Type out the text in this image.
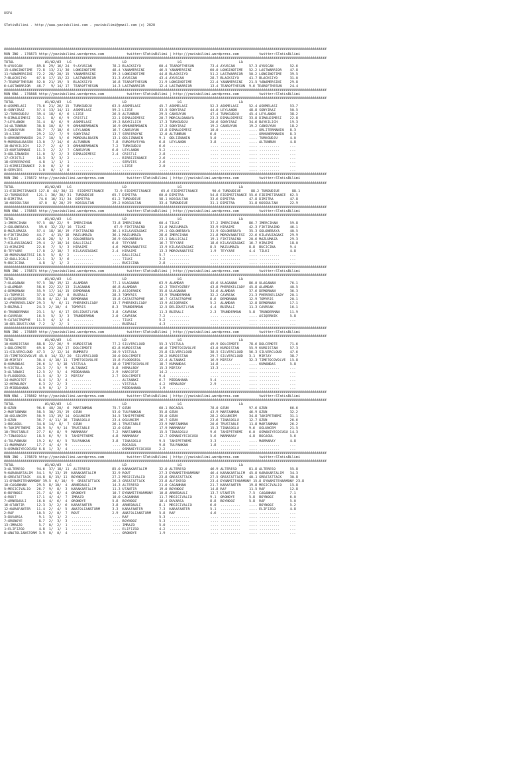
USFA

STatisBilimi - http://www.yazisbilimi.com - yazisbilimi@gmail.com (c) 2020

##############################################################################################################################################################
RUN INO - 176873 http://yazisbilimi.wordpress.com           twitter:STatisBilimi | http://yazisbilimi.wordpress.com          twitter:STatisBilimi
##############################################################################################################################################################
TOTAL               #1/#2/#3   LG                         LD                         LG                            LA
9:AYUSCAN       89.8  29/ 16/ 24  9:AYUSCAN          78.2 BLACKSIYO         60.4 TEAROFTHESUN        73.4 AYUSCAN       57.3 AYUSCAN        52.6
15:LONGINOTIME  72.8  13/ 21/ 30  LONGINOTIME        48.4 YANAMERSINI       46.5 YANAMERSINI         60.0 LONGINOTIME   52.2 LASTWARRIOR    47.8
11:YANAMERSINI  72.2  28/ 20/ 15  YANAMERSINI        39.3 LONGINOTIME       44.8 BLACKSIYO           51.2 LASTWARRIOR   50.2 LONGINOTIME    39.5
7:BLACKSIYO     67.0  17/ 15/ 22  LASTWARRIOR        31.3 AYUSCAN           43.4 AYUSCAN             28.7 BLACKSIYO     41.7 BLACKSIYO      31.0
7:TEAROFTHESUN  52.0  21/ 19/  5  BLACKSIYO          16.8 TEAROFTHESUN      21.9 LONGINOTIME         22.4 YANAMERSINI   21.5 YANAMERSINI    29.8
6:LASTWARRIOR   46.7   9/ 14/ 17  TEAROFTHESUN       14.3 LASTWARRIOR       12.4 LASTWARRIOR         13.4 TEAROFTHESUN  9.6 TEAROFTHESUN    24.4
##############################################################################################################################################################
RUN KNA - 176868 http://yazisbilimi.wordpress.com           twitter:STatisBilimi | http://yazisbilimi.wordpress.com          twitter:STatisBilimi
##############################################################################################################################################################
TOTAL               #1/#2/#3   LG                         LD                         LG                            LA
6:ASKMELASI     75.6  21/ 26/ 15  TURKGUDJU          63.5 ASKMELASI         45.7 ASKMELASI           52.3 ASKMELASI     52.4 ASKMELASI      53.7
8:SONYIRAZ      57.4  13/ 14/ 11  ASKMELASI          59.2 LIZGE             33.5 SONYIRAZ            44.0 LEYLANON      48.8 SONYIRAZ       50.5
12:TURKGUDJU    39.4  18/  6/  6  LIZGE              26.5 ALTUNBUN          29.5 CANSUYUN            47.4 TURKGUDJU     45.4 LEYLANON       38.2
9:DIMALDIMESI   32.1   8/  6/  9  CRISTLI            22.1 DIMALDIMESI       20.7 MORCALDANAYA        23.3 DIMALDIMESI   33.8 DIMALDIMESI    22.8
7:LEYLANON      31.4   8/  6/  9  ASKMELASI          19.3 BAYKILICH         17.3 TURKGUDJU           20.6 SONYIRAZ      34.6 BAYKILICH      19.3
14:ALTUNBUN     30.8  10/  8/  9  ORHUNERMANIN       16.9 ORHUNERMANIN      17.3 SONYIRAZ            19.2 CANSUYUN      19.2 CANSUYUN       18.2
3:CANSUYUN      30.7   7/ 10/  6  LEYLANON           16.7 CANSUYUN          13.8 DIMALDIMESI         10.0 ..........    .... ORLITERMANIN   8.3
15:LIZGE        29.2  12/  7/  9  SONYIRAZ           13.7 SEREEROYNI        12.0 ALTUNBUN            6.0  ..........    .... ORHUNERMANIN   8.3
5:ORHUNERMANIN  24.7  10/  5/  6  MORDUALBASEN       13.1 ODLIZNANIN        9.1  ODLIZNANIN          5.0  ..........    .... TURKGUDJU      4.0
9:MORDUALBASEN  13.0   7/ 14/  6  ALTUNBUN           7.8  EUROPAYEYHA       6.8  LEYLANON            3.8  ..........    .... ALTUNBUN       4.8
10:BAYKILICH    12.7   2/  4/  3  ORHUNERMANIN       7.2  TURKGUDJU         6.6  ..........          .... ..........    .... ..........     ...
13:KURTARMANI   11.3   2/  2/  7  CANSUYUN           6.0  LEYLANON          5.2  ..........          .... ..........    .... ..........     ...
3:ODLIZNANIN    11.0   3/  2/  3  DIMALDIMESI        2.4  CRISTLI           2.8  ..........          .... ..........    .... ..........     ...
17:CRISTLI      10.3   3/  3/  2  ..........         .... BIRBIZINANCE      2.6  ..........          .... ..........    .... ..........     ...
18:SEREEROYNI    4.8   1/  1/  1  ..........         .... SERVIES           2.6  ..........          .... ..........    .... ..........     ...
11:KIRBIZINANCE  2.0   0/  1/  0  ..........         .... LIZGE             2.0  ..........          .... ..........    .... ..........     ...
8:SERVIES        1.0   0/  1/  0  ..........         .... ..........        .... ..........          .... ..........    .... ..........     ...
##############################################################################################################################################################
RUN INO - 176872 http://yazisbilimi.wordpress.com           twitter:STatisBilimi | http://yazisbilimi.wordpress.com          twitter:STatisBilimi
##############################################################################################################################################################
TOTAL               #1/#2/#3   LG                         LD                         LG                            LA
11:EIDIMSTIRANCE 127.8  44/ 30/ 22  EIDIMSTIRANCE     72.9 EIDIMSTIRANCE     65.6 EIDIMSTIRANCE       90.6 TURDUDIUE     88.2 TURDUDIUE      88.1
12:TURDUDIUE    121.1  36/ 30/ 31  TURDUDIUE         65.7 DIMITRA           60.0 DIMITRA             54.8 EIDIMSTIRANCE 55.6 EIDIMSTIRANCE  62.5
8:DIMITRA        74.6  16/ 31/ 34  DIMITRA           61.2 TURDUDIUE         58.1 KOSGULTAN           33.6 DIMITRA       47.8 DIMITRA        47.8
10:KOSGULTAN     47.0   8/ 20/ 29  KOSGULTAN         29.2 KOSGULTAN         33.4 TURDUDIUE           31.1 DIMITRA       31.8 KOSGULTAN      22.9
##############################################################################################################################################################
RUN KNA - 176865 http://yazisbilimi.wordpress.com           twitter:STatisBilimi | http://yazisbilimi.wordpress.com          twitter:STatisBilimi
##############################################################################################################################################################
TOTAL               #1/#2/#3   LG                         LD                         LG                            LA
1:IMERCIHAN     97.5  40/ 22/  9  IMERCIHAN          73.8 IMERCIHAN         60.4 TILKI               37.2 IMERCIHAN     86.7 IMERCIHAN      59.8
2:GOLONEBAYA     59.6  32/ 23/ 16  TILKI              67.9 FIKTIRAINO       31.0 MAZLUMAZA           33.9 HIRAIMI       42.3 FIKTIRAINO     46.1
8:MAZLUMAZA     57.4  18/ 16/ 19  FIKTIRAINO         36.1 KILAVUZAGAKI      29.1 GOLONEBAYA          31.9 GOLONEBAYA    35.3 GOLONEBAYA     40.5
6:FIKTIRAINO    44.7   4/ 15/ 18  MAZLUMAZA          36.1 MAZLUMAZA         28.6 IMERCIHAN           21.8 MOROVANATESI  22.6 KILAVUZAGAKI   29.9
9:TILKI         42.8  28/  5/  3  GOLONEBAYA         26.9 GOLONEBAYA        23.1 DALLICALI           19.1 FIKTIRAINO    20.6 MAZLUMAZA      29.3
7:KILAVUZAGAKI  29.4   2/ 10/ 14  DALLICALI          6.0  TEYYARE           16.7 TEYYARE             18.6 KILAVUZAGAKI  16.7 HIRAIMI        18.0
11:HIRAIMI      22.6   7/  5/  3  HIRAIMI            4.6  MOROVANATESI      13.9 KILAVUZAGAKI        8.5  MAZLUMAZA     8.8  BUCICINA       9.4
8:TEYYARE       17.0   2/ 10/  7  KILAVUZAGAKI       2.4  HIRAIMI           13.3 MOROVANATESI        1.9  TEYYARE       4.4  TILKI          4.8
10:MOROVANATESI 16.5   5/  8/  2  ..........         .... DALLICALI         5.7  ..........          .... ..........    .... ..........     ...
12:DALLICALI    12.1   3/  3/  6  ..........         .... TILKI             3.2  ..........          .... ..........    .... ..........     ...
9:BUCICINA       4.8   1/  1/  2  ..........         .... BUCICINA          2.8  ..........          .... ..........    .... ..........     ...
##############################################################################################################################################################
RUN INO - 176874 http://yazisbilimi.wordpress.com           twitter:STatisBilimi | http://yazisbilimi.wordpress.com          twitter:STatisBilimi
##############################################################################################################################################################
TOTAL               #1/#2/#3   LG                         LD                         LG                            LA
7:ULAGANAN      97.5  30/ 19/ 12  ALAMDAR            77.1 ULAGANAN          63.9 ALAMDAR             45.6 ULAGANAN      86.0 ULAGANAN       76.1
1:ALAMDAR       58.6  22/ 22/ 13  ILAGANAN           46.8 ALAMDAR           42.3 TEKEYOZBEY          43.8 PHEREKELIADY  45.8 ALAMDAR        40.5
4:DEMORNAN      55.9  17/ 14/ 15  DEMORNAN           35.3 ASIQERNIK         35.8 ULAGANAN            34.6 ALAMDAR       37.6 DEMORNAN       36.3
11:TOMYRIS      37.0  12/ 16/  8  BUZRALI            28.3 TOMYRIS           33.9 TRUNDERMAN          32.2 CAVREAK       21.3 PHEREKELIADY   20.1
8:ASIQERNIK     35.8  4/ 12/ 14  DEMORNAN            15.8 CATASTROPHE       16.7 CATASTROPHE         8.6  DEMORNAN      12.9 TOMYRIS        20.1
12:PHEREKELIADY 29.3   9/  6/ 11  PHEREKELIADY       13.7 PHEREKELIADY      13.9 ASIQERNIK           5.2  ALAMDAR       12.8 DEMORNAN       17.1
3:BUZRALI       24.3  2/ 10/  4  TOMYRIS             8.3  TRUNDERMAN        12.5 DELIDUSTLYAN        4.4  BUZRALI       11.3 CAVREAK        16.1
6:TRUNDERMAN    23.1   5/  6/ 17  DELIDUSTLYAN       3.8  CAVREAK           11.3 BUZRALI             2.3  TRUNDERMAN    5.8  TRUNDERMAN     11.9
6:CAVREAK       16.5   5/  3/  3  TRUNDERMAN         2.0  CAVREAK           7.2  ..........          .... ..........    .... ASIQERNIK      5.8
9:CATASTROPHE   11.5   4/  1/  4  ..........         .... TILKI             5.2  ..........          .... ..........    .... ..........     ...
10:DELIDUSTLYAN  7.2   1/  2/  1  ..........         .... BUZRALI           4.3  ..........          .... ..........    .... ..........     ...
##############################################################################################################################################################
RUN INO - 176869 http://yazisbilimi.wordpress.com           twitter:STatisBilimi | http://yazisbilimi.wordpress.com          twitter:STatisBilimi
##############################################################################################################################################################
TOTAL               #1/#2/#3   LG                         LD                         LG                            LA
10:KURDISTAN    88.8  22/ 26/  9  KURDISTAN          77.2 SILVERCLOUD       55.3 VISTULA             49.9 DOLCEMOTE     78.6 DOLCEMOTE      71.6
1:DOLCEMOTE     69.0  23/ 20/ 17  DOLCEMOTE          62.8 KURDISTAN         46.0 TIMETOCOVOLVE       43.0 KURDISTAN     55.9 KURDISTAN      57.3
11:SILVERCLOUD  47.3   2/ 12/ 14  BUMMATU            20.9 VISTULA           25.8 SILVERCLOUD         38.5 SILVERCLOUD   56.3 SILVERCLOUD    47.6
15:TIMETOCOVOLVE 45.0  14/ 32/ 20  SILVERCLOUD       20.0 DOLCEMOTE         26.2 KURDISTAN           29.7 SILVERCLOUD   3.1  MIRTAY         38.7
10:MIRTAY       30.4  4/ 10/ 11  TIMETOCOVOLVE       15.8 FLOODGEOL         22.4 ALTANAKI            16.9 MIRTAY        32.3 TIMETOCOVOLVE  15.8
8:KUMANDAS      26.6  1/  5/ 18  VISTULA             10.0 TIMETOCOVOLVE     18.7 KUMANDAS            14.8 ..........    .... KUMANDAS       5.8
9:VISTULA       24.3  7/  5/  9  ALTANAKI            5.8  HEMALBOY          15.3 MIRTAY              13.3 ..........    .... ..........     ...
3:ALTANAKI      12.5  2/  5/  4  MIDDAHANA           2.9  HARCOTOT          14.2 ..........          .... ..........    .... ..........     ...
5:FLOODGEOL     11.5  4/  3/  2  MIRTAY              2.7  DOLCEMOTE         9.4  ..........          .... ..........    .... ..........     ...
14:HARCOTOT      8.4  1/  3/  4  ..........          .... ALTANAKI          6.7  MIDDAHANA           5.4  ..........    .... ..........     ...
12:HEMALBOY      6.3  2/  2/  3  ..........          .... VISTULA           4.2  HEMALBOY            2.9  ..........    .... ..........     ...
13:MIDDAHANA     4.9  0/  1/  2  ..........          .... MIDDAHANA         1.9  ..........          .... ..........    .... ..........     ...
##############################################################################################################################################################
RUN KNA - 176862 http://yazisbilimi.wordpress.com           twitter:STatisBilimi | http://yazisbilimi.wordpress.com          twitter:STatisBilimi
##############################################################################################################################################################
TOTAL               #1/#2/#3   LG                         LD                         LG                            LA
8:OZUN          96.6  40/ 20/  6  MARTANMAN          75.7 OZUN              60.1 BOCAGUL             78.0 OZUN          97.6 OZUN           66.6
2:MARTANMAN     58.5  30/ 25/ 19  OZUN               53.0 TULPANKAN         35.8 OZUN                43.9 MARTANMAN     46.9 OZUN           32.2
10:OGLUNCEM     50.9  13/ 19/ 14  OGLUNCEM           34.5 TAHIPETNEMI       35.0 OZUN                28.2 OGLUNCEM      34.8 TAHIPETNEMI    31.1
3:OZUN          36.7  4/ 11/ 16  TINASOGLU           23.4 OGLUNCEM          26.7 OZUN                23.6 TINASOGLU     12.7 OZUN           26.6
1:BOCAGUL       34.8  14/  8/  7  OZUN               26.1 TRUSTABLE         23.9 MARTANMAN           20.6 TRUSTABLE     11.8 MARTANMAN      26.2
9:TAHIPETNEMI   28.9  5/  9/ 14  TRUSTABLE           12.0 OZUN              17.9 MARMARAY            15.3 TINASOGLU     9.6  OGLUNCEM       21.5
10:TRUSTABLE    27.7  6/  8/  9  MARMARAY            7.2  MARTANMAN         15.5 TINASOGLU           9.6  TAHIPETNEMI   6.0  OSMANIYECOCUGU 14.3
7:TINASOGLU     18.5  6/  9/  5  TAHIPETNEMI         4.8  MARMARAY          12.7 OSMANIYECOCUGU      5.6  MARMARAY      4.8  BOCAGUL        5.6
4:TULPANKAN     19.2  6/  6/  5  TULPANKAN           3.8  TINASOGLU         9.5  TAHIPETNEMI         3.3  ..........    .... MARMARAY       4.8
11:MARMARAY     17.7  4/  4/  9  ..........          .... BOCAGUL           9.8  TULPANKAN           1.8  ..........    .... ..........     ...
5:OSMANIYECOCUGU 6.8  1/  3/  4  ..........          .... OSMANIYECOCUGU    2.2  ..........          .... ..........    .... ..........     ...
##############################################################################################################################################################
RUN INO - 176870 http://yazisbilimi.wordpress.com           twitter:STatisBilimi | http://yazisbilimi.wordpress.com          twitter:STatisBilimi
##############################################################################################################################################################
TOTAL               #1/#2/#3   LG                         LD                         LG                            LA
3:ALTERESO      94.6  37/ 18/ 11  ALTERESO           85.0 KARAKARTALIM      32.0 ALTERESO            46.9 ALTERESO      81.8 ALTERESO       55.8
9:KARAKARTALIM  54.1  9/ 13/ 19  KARAKARTALIM        32.9 ROUT              27.3 DYNAMITEHARMONY     46.4 KARAKARTALIM  45.8 KARAKARTALIM   34.3
8:GREATATTACK   44.8  8/ 15/ 11  BOYNOOZ             27.2 MEGICIVALIO       23.8 GREATATTACK         27.5 GREATATTACK   40.1 GREATATTACK    30.8
11:DYNAMITEHARMONY 39.5  6/ 10/  9  GREATATTACK      26.3 GREATATTACK       23.8 ALFIKEGO            23.4 DYNAMITEHARMONY 15.8 DYNAMITEHARMONY 23.8
10:CAGANHAN     29.5  8/ 10/  4  ARNEDAULI           14.3 ALTERESO          21.0 CAGANHAN            21.7 KARAFANTER    19.8 MEGICIVALIO    15.8
5:MEGICIVALIO   26.7  9/  8/  3  KARAKARTALIM        11.3 UTANTIR           19.0 BOYNOOZ             14.8 RAF           11.5 RAF            12.8
6:BOYNOOZ       21.7  4/  8/  4  ORONOYE             10.7 DYNAMITEHARMONY   10.8 ARNEDAULI           13.7 UTANTIR       7.5  CAGANHAN       7.1
4:ROUT          17.1  4/  4/  7  IMRAZO              10.0 CAGANHAN          11.7 MEGICIVALIO         9.1  ORONOYE       5.8  BOYNOOZ        6.0
7:ARNEDAULI     16.0  4/  6/  4  ORONOYE             5.8  BOYNOOZ           10.4 DUVARSA             8.8  BOYNOOZ       5.8  RAF            5.0
16:UTANTIR      12.3  3/  2/  6  KARAFANTER          3.8  ARNEDAULI         8.1  MEGICIVALIO         6.0  ..........    .... BOYNOOZ        5.2
12:KARAFANTER   11.4  2/  4/  5  ANATOLIANSTORM      3.3  KARAFANTER        7.3  KARAFANTER          5.1  ..........    .... ELIFIZGO       4.8
2:RAF           10.5  2/  0/  7  ROUT                2.9  ANATOLIANSTORM    5.8  RAF                 4.6  ..........    .... ..........     ...
3:DUVARSA        9.1  3/  1/  2  ..........          .... RAF               5.3  ..........          .... ..........    .... ..........     ...
7:ORONOYE        8.7  2/  3/  3  ..........          .... BOYNOOZ           5.3  ..........          .... ..........    .... ..........     ...
13:IMRAZO        5.7  0/  2/  1  ..........          .... IMRAZO            5.0  ..........          .... ..........    .... ..........     ...
1:ELIFIZGO       4.8  1/  1/  1  ..........          .... ELIFIZGO          4.2  ..........          .... ..........    .... ..........     ...
8:ANATOLIANSTORM 3.9  0/  0/  4  ..........          .... ORONOYE           1.9  ..........          .... ..........    .... ..........     ...
